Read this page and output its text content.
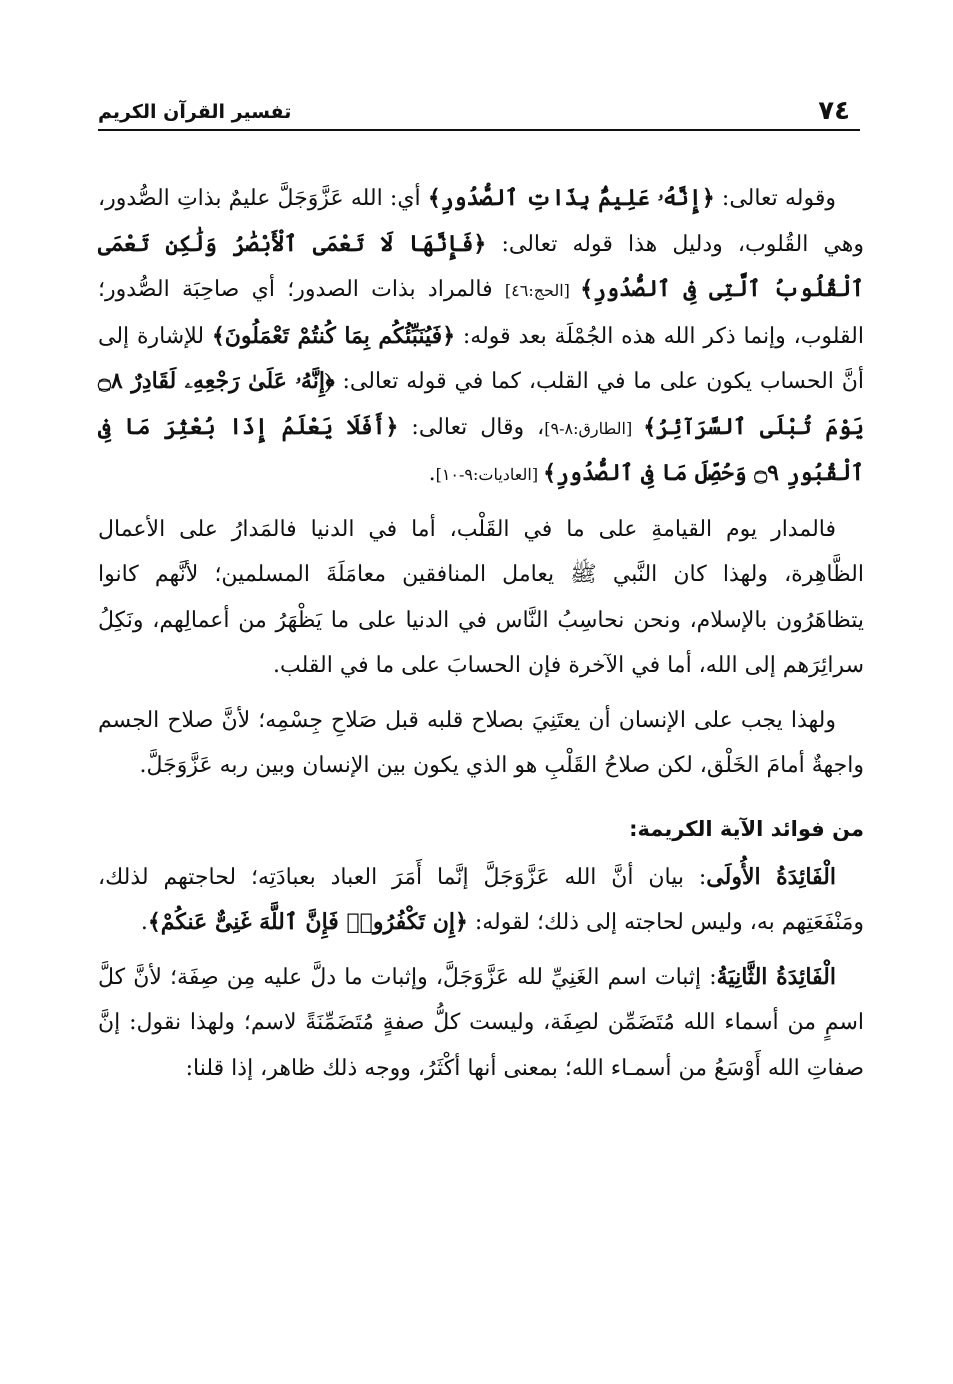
٧٤
تفسير القرآن الكريم

وقوله تعالى: ﴿إِنَّهُۥ عَلِيمٌۢ بِذَاتِ ٱلصُّدُورِ﴾ أي: الله عَزَّوَجَلَّ عليمٌ بذاتِ الصُّدور، وهي القُلوب، ودليل هذا قوله تعالى: ﴿فَإِنَّهَا لَا تَعْمَى ٱلْأَبْصَٰرُ وَلَٰكِن تَعْمَى ٱلْقُلُوبُ ٱلَّتِى فِى ٱلصُّدُورِ﴾ [الحج:٤٦] فالمراد بذات الصدور؛ أي صاحِبَة الصُّدور؛ القلوب، وإنما ذكر الله هذه الجُمْلَة بعد قوله: ﴿فَيُنَبِّئُكُم بِمَا كُنتُمْ تَعْمَلُونَ﴾ للإشارة إلى أنَّ الحساب يكون على ما في القلب، كما في قوله تعالى: ﴿إِنَّهُۥ عَلَىٰ رَجْعِهِۦ لَقَادِرٌ ۝٨ يَوْمَ تُبْلَى ٱلسَّرَآئِرُ﴾ [الطارق:٨-٩]، وقال تعالى: ﴿أَفَلَا يَعْلَمُ إِذَا بُعْثِرَ مَا فِى ٱلْقُبُورِ ۝٩ وَحُصِّلَ مَا فِى ٱلصُّدُورِ﴾ [العاديات:٩-١٠].

فالمدار يوم القيامةِ على ما في القَلْب، أما في الدنيا فالمَدارُ على الأعمال الظَّاهِرة، ولهذا كان النَّبي ﷺ يعامل المنافقين معامَلَةَ المسلمين؛ لأنَّهم كانوا يتظاهَرُون بالإسلام، ونحن نحاسِبُ النَّاس في الدنيا على ما يَظْهَرُ من أعمالِهم، ونَكِلُ سرائِرَهم إلى الله، أما في الآخرة فإن الحسابَ على ما في القلب.

ولهذا يجب على الإنسان أن يعتَنِيَ بصلاح قلبه قبل صَلاحِ جِسْمِه؛ لأنَّ صلاح الجسم واجهةٌ أمامَ الخَلْق، لكن صلاحُ القَلْبِ هو الذي يكون بين الإنسان وبين ربه عَزَّوَجَلَّ.

من فوائد الآية الكريمة:

الْفَائِدَةُ الأُولَى: بيان أنَّ الله عَزَّوَجَلَّ إنَّما أَمَرَ العباد بعبادَتِه؛ لحاجتهم لذلك، ومَنْفَعَتِهم به، وليس لحاجته إلى ذلك؛ لقوله: ﴿إِن تَكْفُرُوا۟ فَإِنَّ ٱللَّهَ غَنِىٌّ عَنكُمْ﴾.

الْفَائِدَةُ الثَّانِيَةُ: إثبات اسم الغَنِيِّ لله عَزَّوَجَلَّ، وإثبات ما دلَّ عليه مِن صِفَة؛ لأنَّ كلَّ اسمٍ من أسماء الله مُتَضَمِّن لصِفَة، وليست كلُّ صفةٍ مُتَضَمِّنَةً لاسم؛ ولهذا نقول: إنَّ صفاتِ الله أَوْسَعُ من أسمـاء الله؛ بمعنى أنها أكْثَرُ، ووجه ذلك ظاهر، إذا قلنا:
